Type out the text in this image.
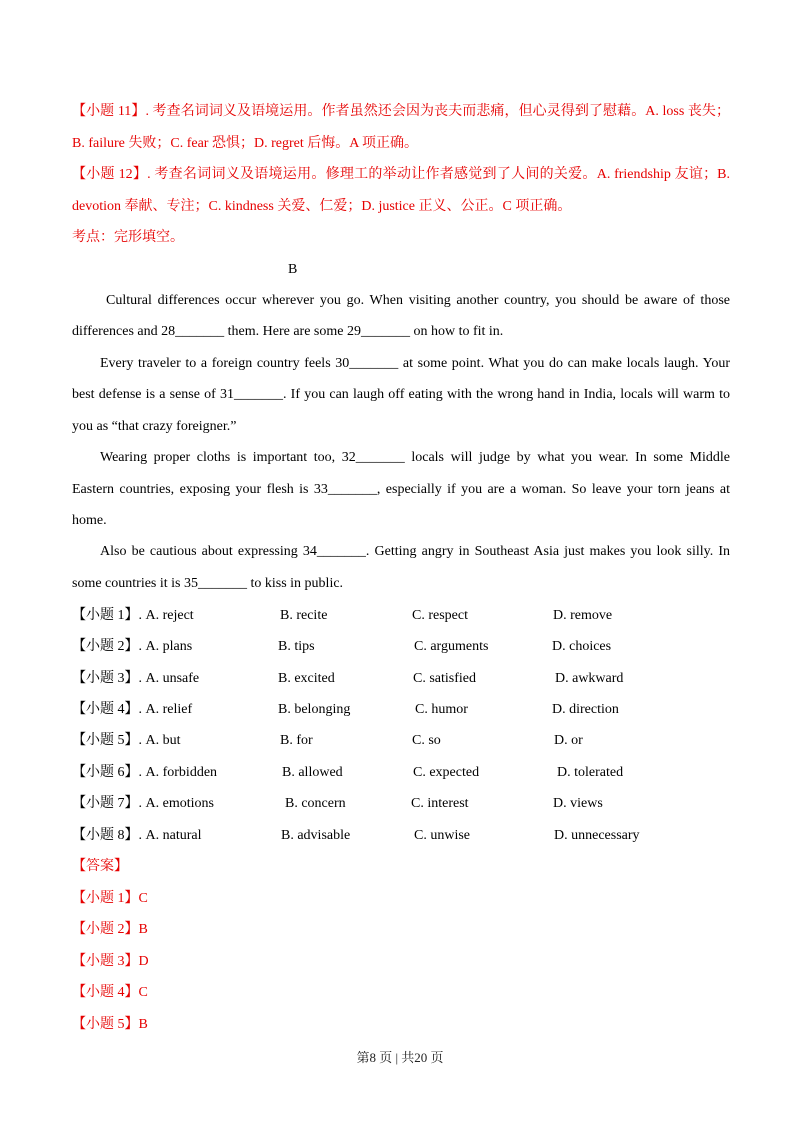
【小题 11】. 考查名词词义及语境运用。作者虽然还会因为丧夫而悲痛，但心灵得到了慰藉。A. loss 丧失；
B. failure 失败；C. fear 恐惧；D. regret 后悔。A 项正确。
【小题 12】. 考查名词词义及语境运用。修理工的举动让作者感觉到了人间的关爱。A. friendship 友谊；B.
devotion 奉献、专注；C. kindness 关爱、仁爱；D. justice 正义、公正。C 项正确。
考点：完形填空。
B
Cultural differences occur wherever you go. When visiting another country, you should be aware of those
differences and 28_______ them. Here are some 29_______ on how to fit in.
Every traveler to a foreign country feels 30_______ at some point. What you do can make locals laugh. Your
best defense is a sense of 31_______. If you can laugh off eating with the wrong hand in India, locals will warm to
you as “that crazy foreigner.”
Wearing proper cloths is important too, 32_______ locals will judge by what you wear. In some Middle
Eastern countries, exposing your flesh is 33_______, especially if you are a woman. So leave your torn jeans at
home.
Also be cautious about expressing 34_______. Getting angry in Southeast Asia just makes you look silly. In
some countries it is 35_______ to kiss in public.
【小题 1】. A. reject	B. recite	C. respect	D. remove
【小题 2】. A. plans	B. tips	C. arguments	D. choices
【小题 3】. A. unsafe	B. excited	C. satisfied	D. awkward
【小题 4】. A. relief	B. belonging	C. humor	D. direction
【小题 5】. A. but	B. for	C. so	D. or
【小题 6】. A. forbidden	B. allowed	C. expected	D. tolerated
【小题 7】. A. emotions	B. concern	C. interest	D. views
【小题 8】. A. natural	B. advisable	C. unwise	D. unnecessary
【答案】
【小题 1】C
【小题 2】B
【小题 3】D
【小题 4】C
【小题 5】B
第8 页 | 共20 页
